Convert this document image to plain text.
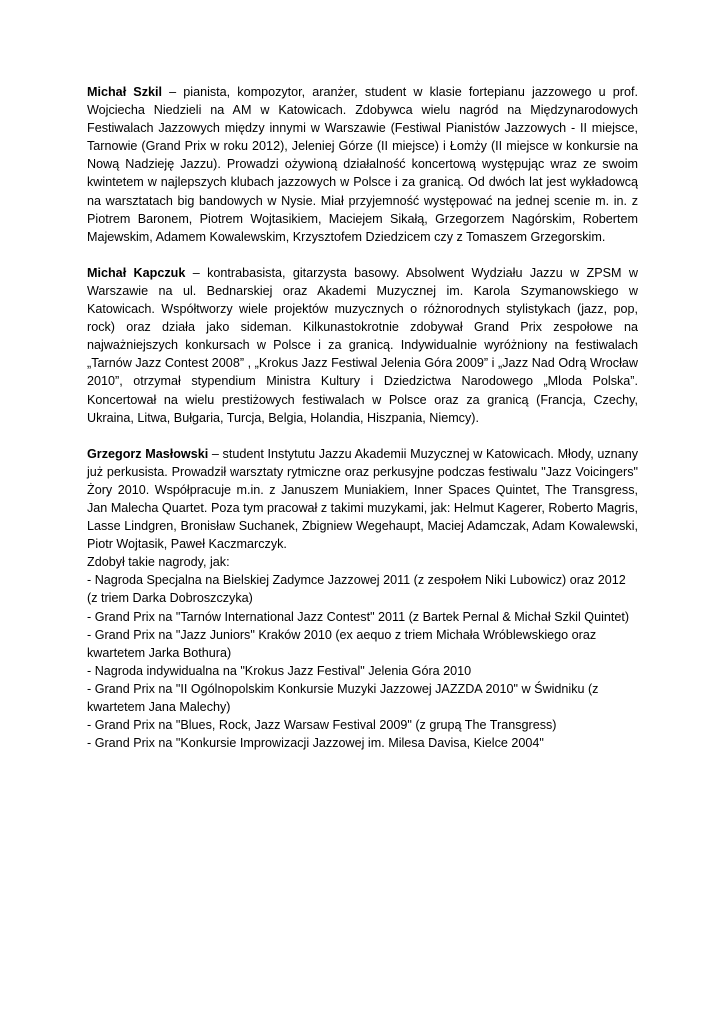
Michał Szkil – pianista, kompozytor, aranżer, student w klasie fortepianu jazzowego u prof. Wojciecha Niedzieli na AM w Katowicach. Zdobywca wielu nagród na Międzynarodowych Festiwalach Jazzowych między innymi w Warszawie (Festiwal Pianistów Jazzowych - II miejsce, Tarnowie (Grand Prix w roku 2012), Jeleniej Górze (II miejsce) i Łomży (II miejsce w konkursie na Nową Nadzieję Jazzu). Prowadzi ożywioną działalność koncertową występując wraz ze swoim kwintetem w najlepszych klubach jazzowych w Polsce i za granicą. Od dwóch lat jest wykładowcą na warsztatach big bandowych w Nysie. Miał przyjemność występować na jednej scenie m. in. z Piotrem Baronem, Piotrem Wojtasikiem, Maciejem Sikałą, Grzegorzem Nagórskim, Robertem Majewskim, Adamem Kowalewskim, Krzysztofem Dziedzicem czy z Tomaszem Grzegorskim.

Michał Kapczuk – kontrabasista, gitarzysta basowy. Absolwent Wydziału Jazzu w ZPSM w Warszawie na ul. Bednarskiej oraz Akademi Muzycznej im. Karola Szymanowskiego w Katowicach. Współtworzy wiele projektów muzycznych o różnorodnych stylistykach (jazz, pop, rock) oraz działa jako sideman. Kilkunastokrotnie zdobywał Grand Prix zespołowe na najważniejszych konkursach w Polsce i za granicą. Indywidualnie wyróżniony na festiwalach „Tarnów Jazz Contest 2008” , „Krokus Jazz Festiwal Jelenia Góra 2009” i „Jazz Nad Odrą Wrocław 2010”, otrzymał stypendium Ministra Kultury i Dziedzictwa Narodowego „Mloda Polska”. Koncertował na wielu prestiżowych festiwalach w Polsce oraz za granicą (Francja, Czechy, Ukraina, Litwa, Bułgaria, Turcja, Belgia, Holandia, Hiszpania, Niemcy).

Grzegorz Masłowski – student Instytutu Jazzu Akademii Muzycznej w Katowicach. Młody, uznany już perkusista. Prowadził warsztaty rytmiczne oraz perkusyjne podczas festiwalu "Jazz Voicingers" Żory 2010. Współpracuje m.in. z Januszem Muniakiem, Inner Spaces Quintet, The Transgress, Jan Malecha Quartet. Poza tym pracował z takimi muzykami, jak: Helmut Kagerer, Roberto Magris, Lasse Lindgren, Bronisław Suchanek, Zbigniew Wegehaupt, Maciej Adamczak, Adam Kowalewski, Piotr Wojtasik, Paweł Kaczmarczyk.

Zdobył takie nagrody, jak:

- Nagroda Specjalna na Bielskiej Zadymce Jazzowej 2011 (z zespołem Niki Lubowicz) oraz 2012 (z triem Darka Dobroszczyka)

- Grand Prix na "Tarnów International Jazz Contest" 2011 (z Bartek Pernal & Michał Szkil Quintet)

- Grand Prix na "Jazz Juniors" Kraków 2010 (ex aequo z triem Michała Wróblewskiego oraz kwartetem Jarka Bothura)

- Nagroda indywidualna na "Krokus Jazz Festival" Jelenia Góra 2010

- Grand Prix na "II Ogólnopolskim Konkursie Muzyki Jazzowej JAZZDA 2010" w Świdniku (z kwartetem Jana Malechy)

- Grand Prix na "Blues, Rock, Jazz Warsaw Festival 2009" (z grupą The Transgress)

- Grand Prix na "Konkursie Improwizacji Jazzowej im. Milesa Davisa, Kielce 2004"
